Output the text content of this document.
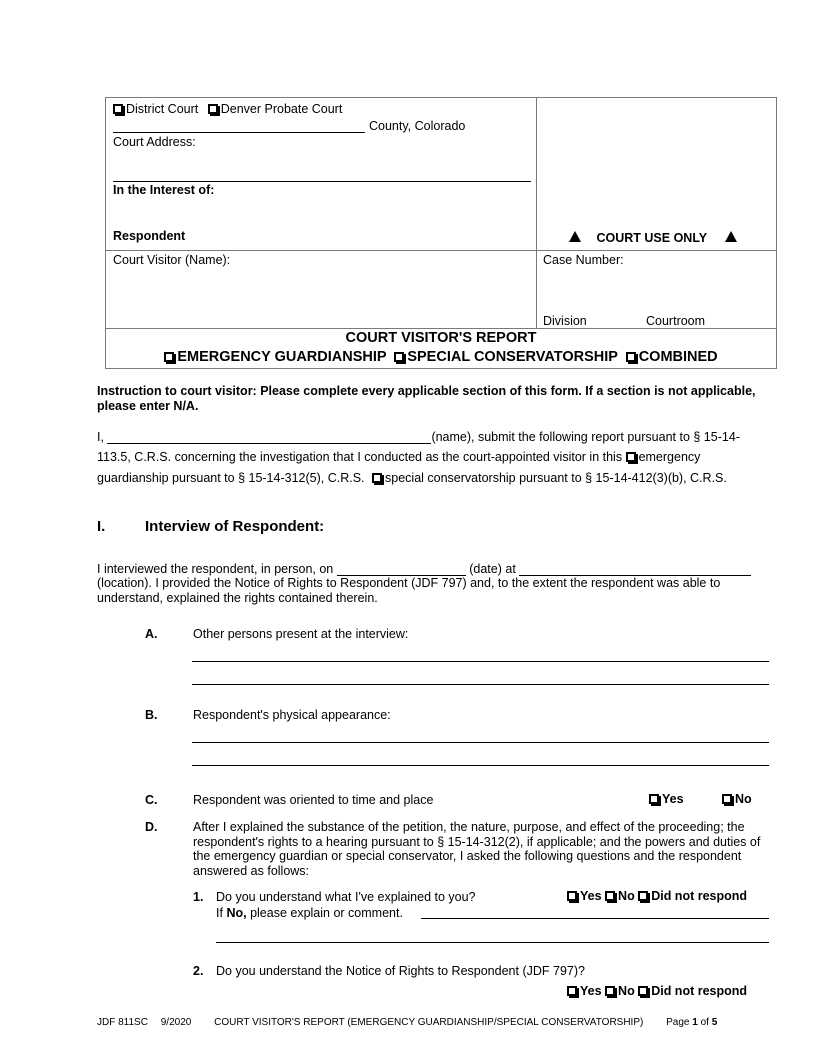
District Court Denver Probate Court
County, Colorado
Court Address:
In the Interest of:
Respondent	COURT USE ONLY
Court Visitor (Name):	Case Number:
Division	Courtroom
COURT VISITOR'S REPORT
EMERGENCY GUARDIANSHIP SPECIAL CONSERVATORSHIP COMBINED
Instruction to court visitor: Please complete every applicable section of this form. If a section is not applicable, please enter N/A.
I,	(name), submit the following report pursuant to § 15-14-
113.5, C.R.S. concerning the investigation that I conducted as the court-appointed visitor in this emergency
guardianship pursuant to § 15-14-312(5), C.R.S. special conservatorship pursuant to § 15-14-412(3)(b), C.R.S.
I.	Interview of Respondent:
I interviewed the respondent, in person, on	(date) at
(location). I provided the Notice of Rights to Respondent (JDF 797) and, to the extent the respondent was able to understand, explained the rights contained therein.
A.	Other persons present at the interview:
B.	Respondent's physical appearance:
C.	Respondent was oriented to time and place	Yes	No
D.	After I explained the substance of the petition, the nature, purpose, and effect of the proceeding; the respondent's rights to a hearing pursuant to § 15-14-312(2), if applicable; and the powers and duties of the emergency guardian or special conservator, I asked the following questions and the respondent answered as follows:
1. Do you understand what I've explained to you?	Yes No Did not respond
If No, please explain or comment.
2. Do you understand the Notice of Rights to Respondent (JDF 797)?
Yes No Did not respond
JDF 811SC 9/2020 COURT VISITOR'S REPORT (EMERGENCY GUARDIANSHIP/SPECIAL CONSERVATORSHIP) Page 1 of 5
